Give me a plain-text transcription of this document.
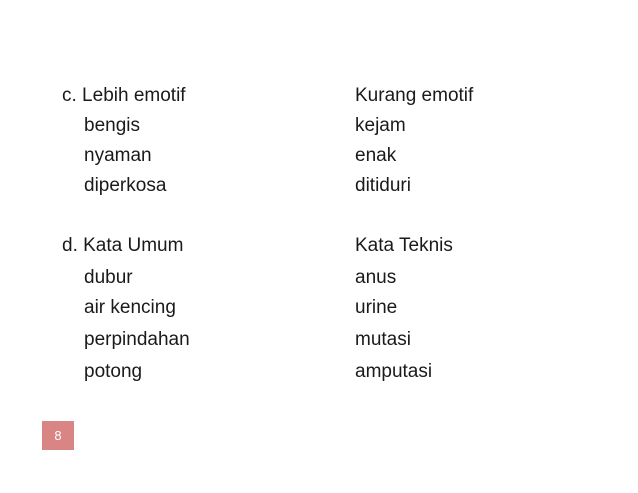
c. Lebih emotif	Kurang emotif
bengis	kejam
nyaman	enak
diperkosa	ditiduri
d. Kata Umum	Kata Teknis
dubur	anus
air kencing	urine
perpindahan	mutasi
potong	amputasi
8
